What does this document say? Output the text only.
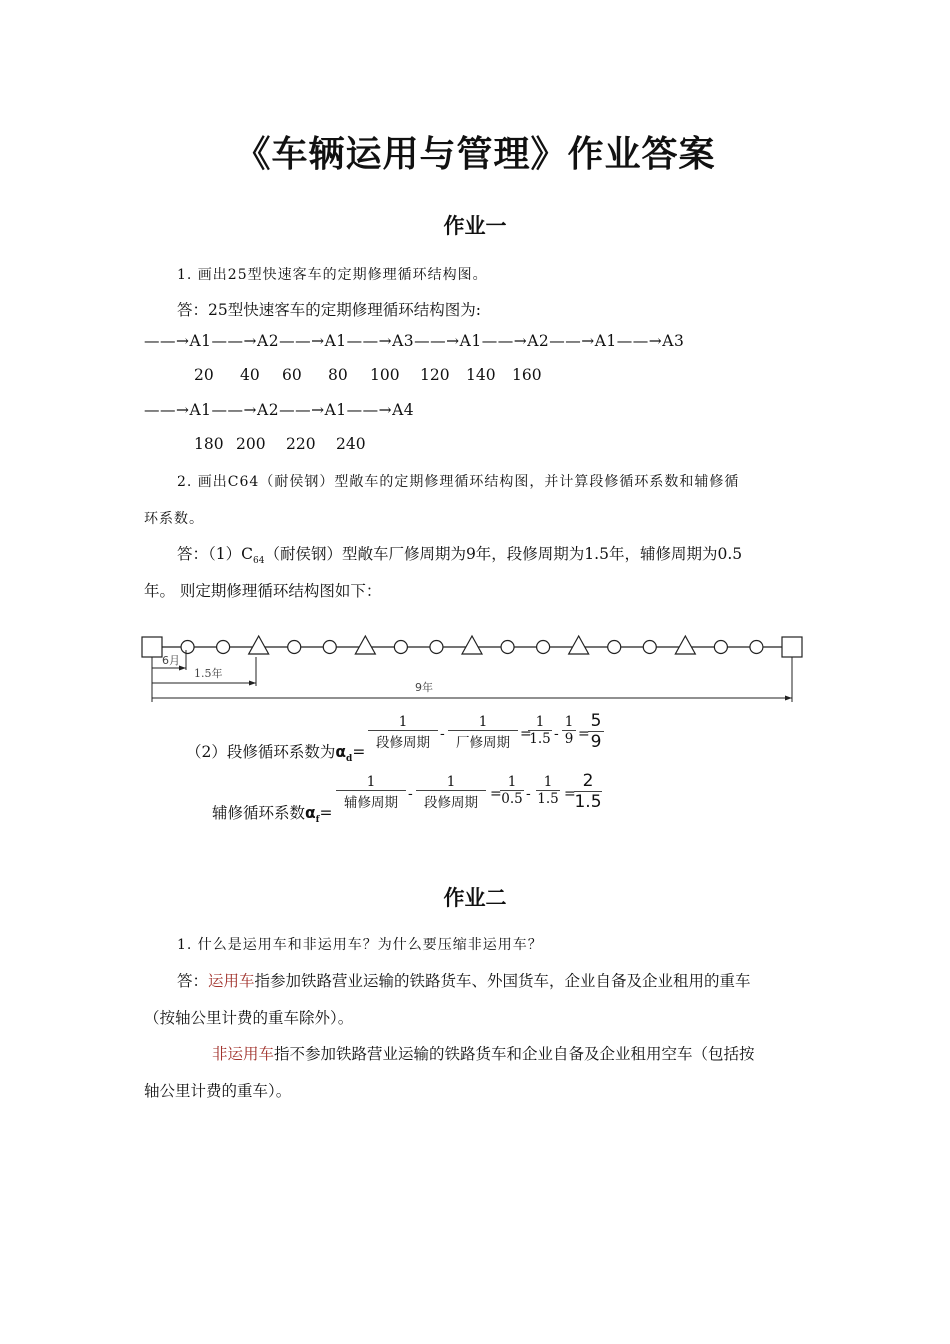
《车辆运用与管理》作业答案
作业一
1. 画出25型快速客车的定期修理循环结构图。
答：25型快速客车的定期修理循环结构图为:
——→A1——→A2——→A1——→A3——→A1——→A2——→A1——→A3
20 40 60 80 100 120 140 160
——→A1——→A2——→A1——→A4
180 200 220 240
2. 画出C64（耐侯钢）型敞车的定期修理循环结构图，并计算段修循环系数和辅修循
环系数。
答：$(1)C_{64}$（耐侯钢）型敞车厂修周期为9年，段修周期为1.5年，辅修周期为0.5
年。 则定期修理循环结构图如下：
6月
1.5年
9年
（2）段修循环系数为$\alpha_d=$
1
段修周期
-
1
厂修周期
=
$\frac{1}{1.5} - \frac{1}{9}$ =
$\frac{5}{9}$
辅修循环系数$\alpha_f=$
1
辅修周期
-
1
段修周期
=
$\frac{1}{0.5} - \frac{1}{1.5}$ =
$\frac{2}{1.5}$
作业二
1. 什么是运用车和非运用车？为什么要压缩非运用车？
答：运用车指参加铁路营业运输的铁路货车、外国货车，企业自备及企业租用的重车
（按轴公里计费的重车除外）。
非运用车指不参加铁路营业运输的铁路货车和企业自备及企业租用空车（包括按
轴公里计费的重车）。
